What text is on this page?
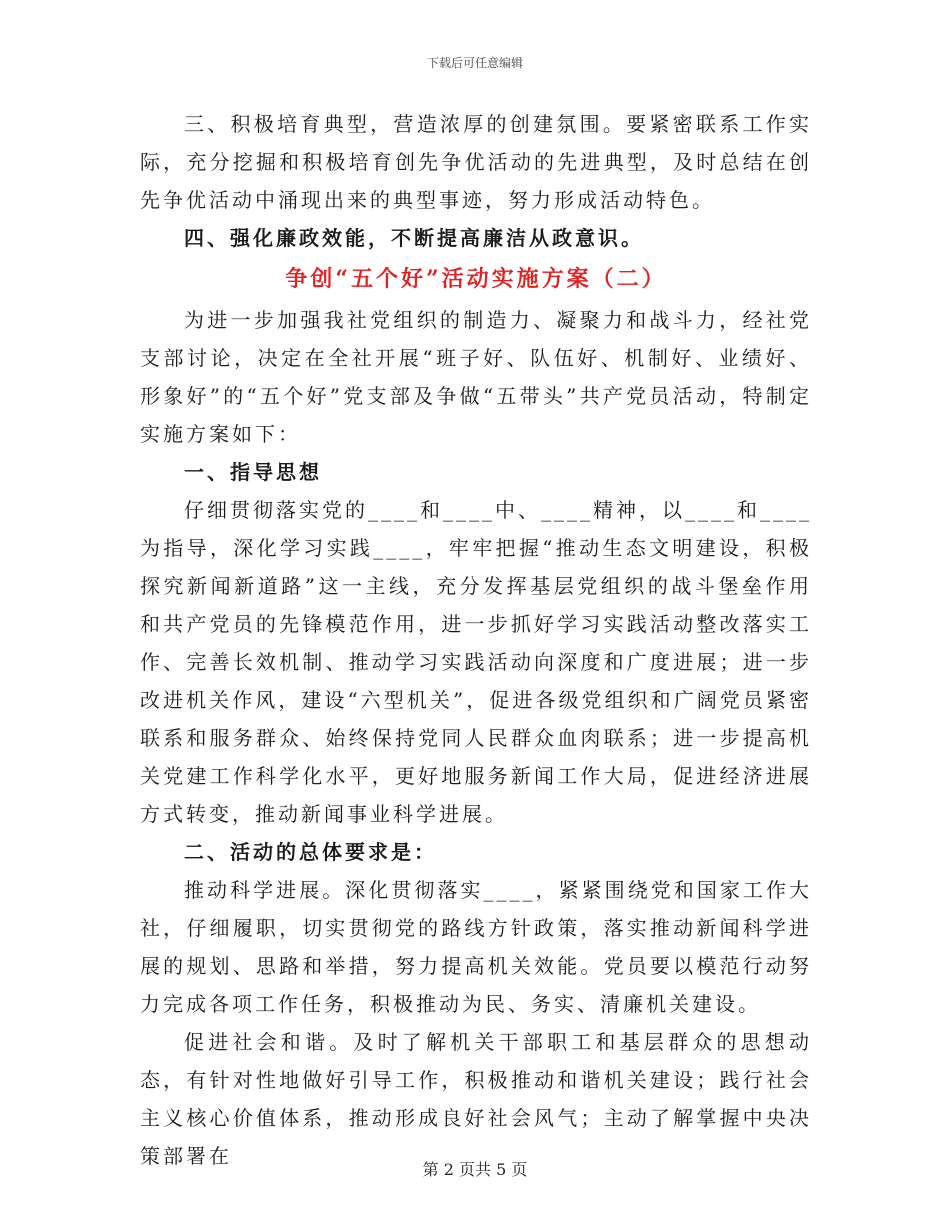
下载后可任意编辑

三、积极培育典型，营造浓厚的创建氛围。要紧密联系工作实际，充分挖掘和积极培育创先争优活动的先进典型，及时总结在创先争优活动中涌现出来的典型事迹，努力形成活动特色。

四、强化廉政效能，不断提高廉洁从政意识。

争创“五个好”活动实施方案（二）

为进一步加强我社党组织的制造力、凝聚力和战斗力，经社党支部讨论，决定在全社开展“班子好、队伍好、机制好、业绩好、形象好”的“五个好”党支部及争做“五带头”共产党员活动，特制定实施方案如下：

一、指导思想

仔细贯彻落实党的____和____中、____精神，以____和____为指导，深化学习实践____，牢牢把握“推动生态文明建设，积极探究新闻新道路”这一主线，充分发挥基层党组织的战斗堡垒作用和共产党员的先锋模范作用，进一步抓好学习实践活动整改落实工作、完善长效机制、推动学习实践活动向深度和广度进展；进一步改进机关作风，建设“六型机关”，促进各级党组织和广阔党员紧密联系和服务群众、始终保持党同人民群众血肉联系；进一步提高机关党建工作科学化水平，更好地服务新闻工作大局，促进经济进展方式转变，推动新闻事业科学进展。

二、活动的总体要求是：

推动科学进展。深化贯彻落实____，紧紧围绕党和国家工作大社，仔细履职，切实贯彻党的路线方针政策，落实推动新闻科学进展的规划、思路和举措，努力提高机关效能。党员要以模范行动努力完成各项工作任务，积极推动为民、务实、清廉机关建设。

促进社会和谐。及时了解机关干部职工和基层群众的思想动态，有针对性地做好引导工作，积极推动和谐机关建设；践行社会主义核心价值体系，推动形成良好社会风气；主动了解掌握中央决策部署在

第 2 页共 5 页
